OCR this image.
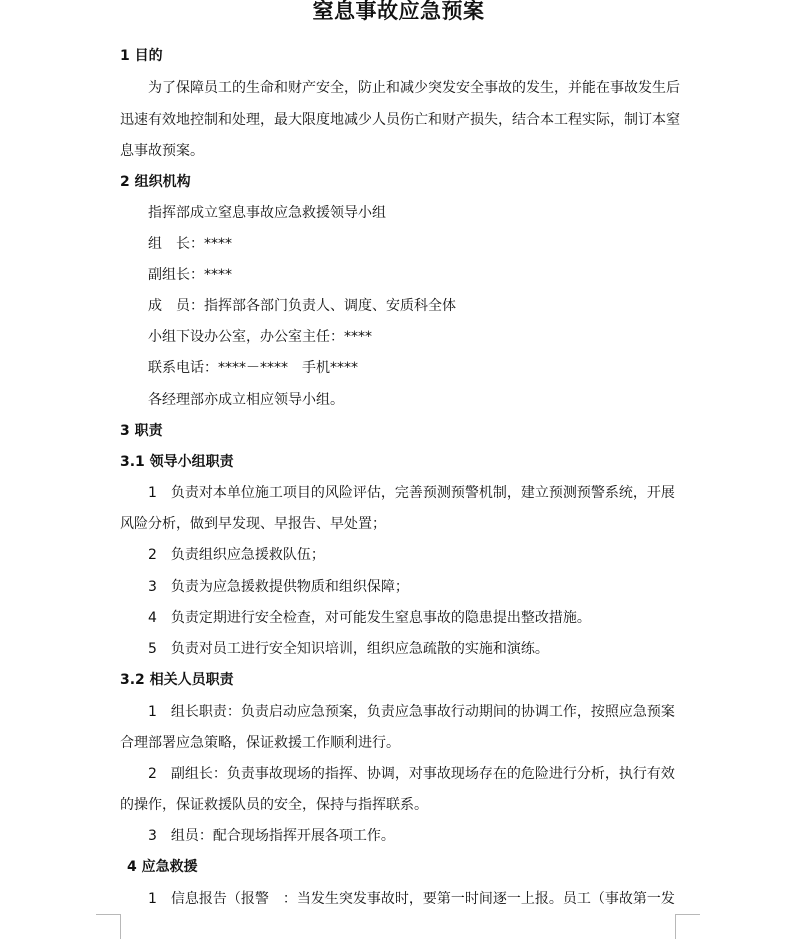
窒息事故应急预案
1 目的
为了保障员工的生命和财产安全，防止和减少突发安全事故的发生，并能在事故发生后
迅速有效地控制和处理，最大限度地减少人员伤亡和财产损失，结合本工程实际，制订本窒
息事故预案。
2 组织机构
指挥部成立窒息事故应急救援领导小组
组　长：****
副组长：****
成　员：指挥部各部门负责人、调度、安质科全体
小组下设办公室，办公室主任：****
联系电话：****－****　手机****
各经理部亦成立相应领导小组。
3 职责
3.1 领导小组职责
1　负责对本单位施工项目的风险评估，完善预测预警机制，建立预测预警系统，开展
风险分析，做到早发现、早报告、早处置；
2　负责组织应急援救队伍；
3　负责为应急援救提供物质和组织保障；
4　负责定期进行安全检查，对可能发生窒息事故的隐患提出整改措施。
5　负责对员工进行安全知识培训，组织应急疏散的实施和演练。
3.2 相关人员职责
1　组长职责：负责启动应急预案，负责应急事故行动期间的协调工作，按照应急预案
合理部署应急策略，保证救援工作顺利进行。
2　副组长：负责事故现场的指挥、协调，对事故现场存在的危险进行分析，执行有效
的操作，保证救援队员的安全，保持与指挥联系。
3　组员：配合现场指挥开展各项工作。
4 应急救援
1　信息报告（报警　：当发生突发事故时，要第一时间逐一上报。员工（事故第一发
